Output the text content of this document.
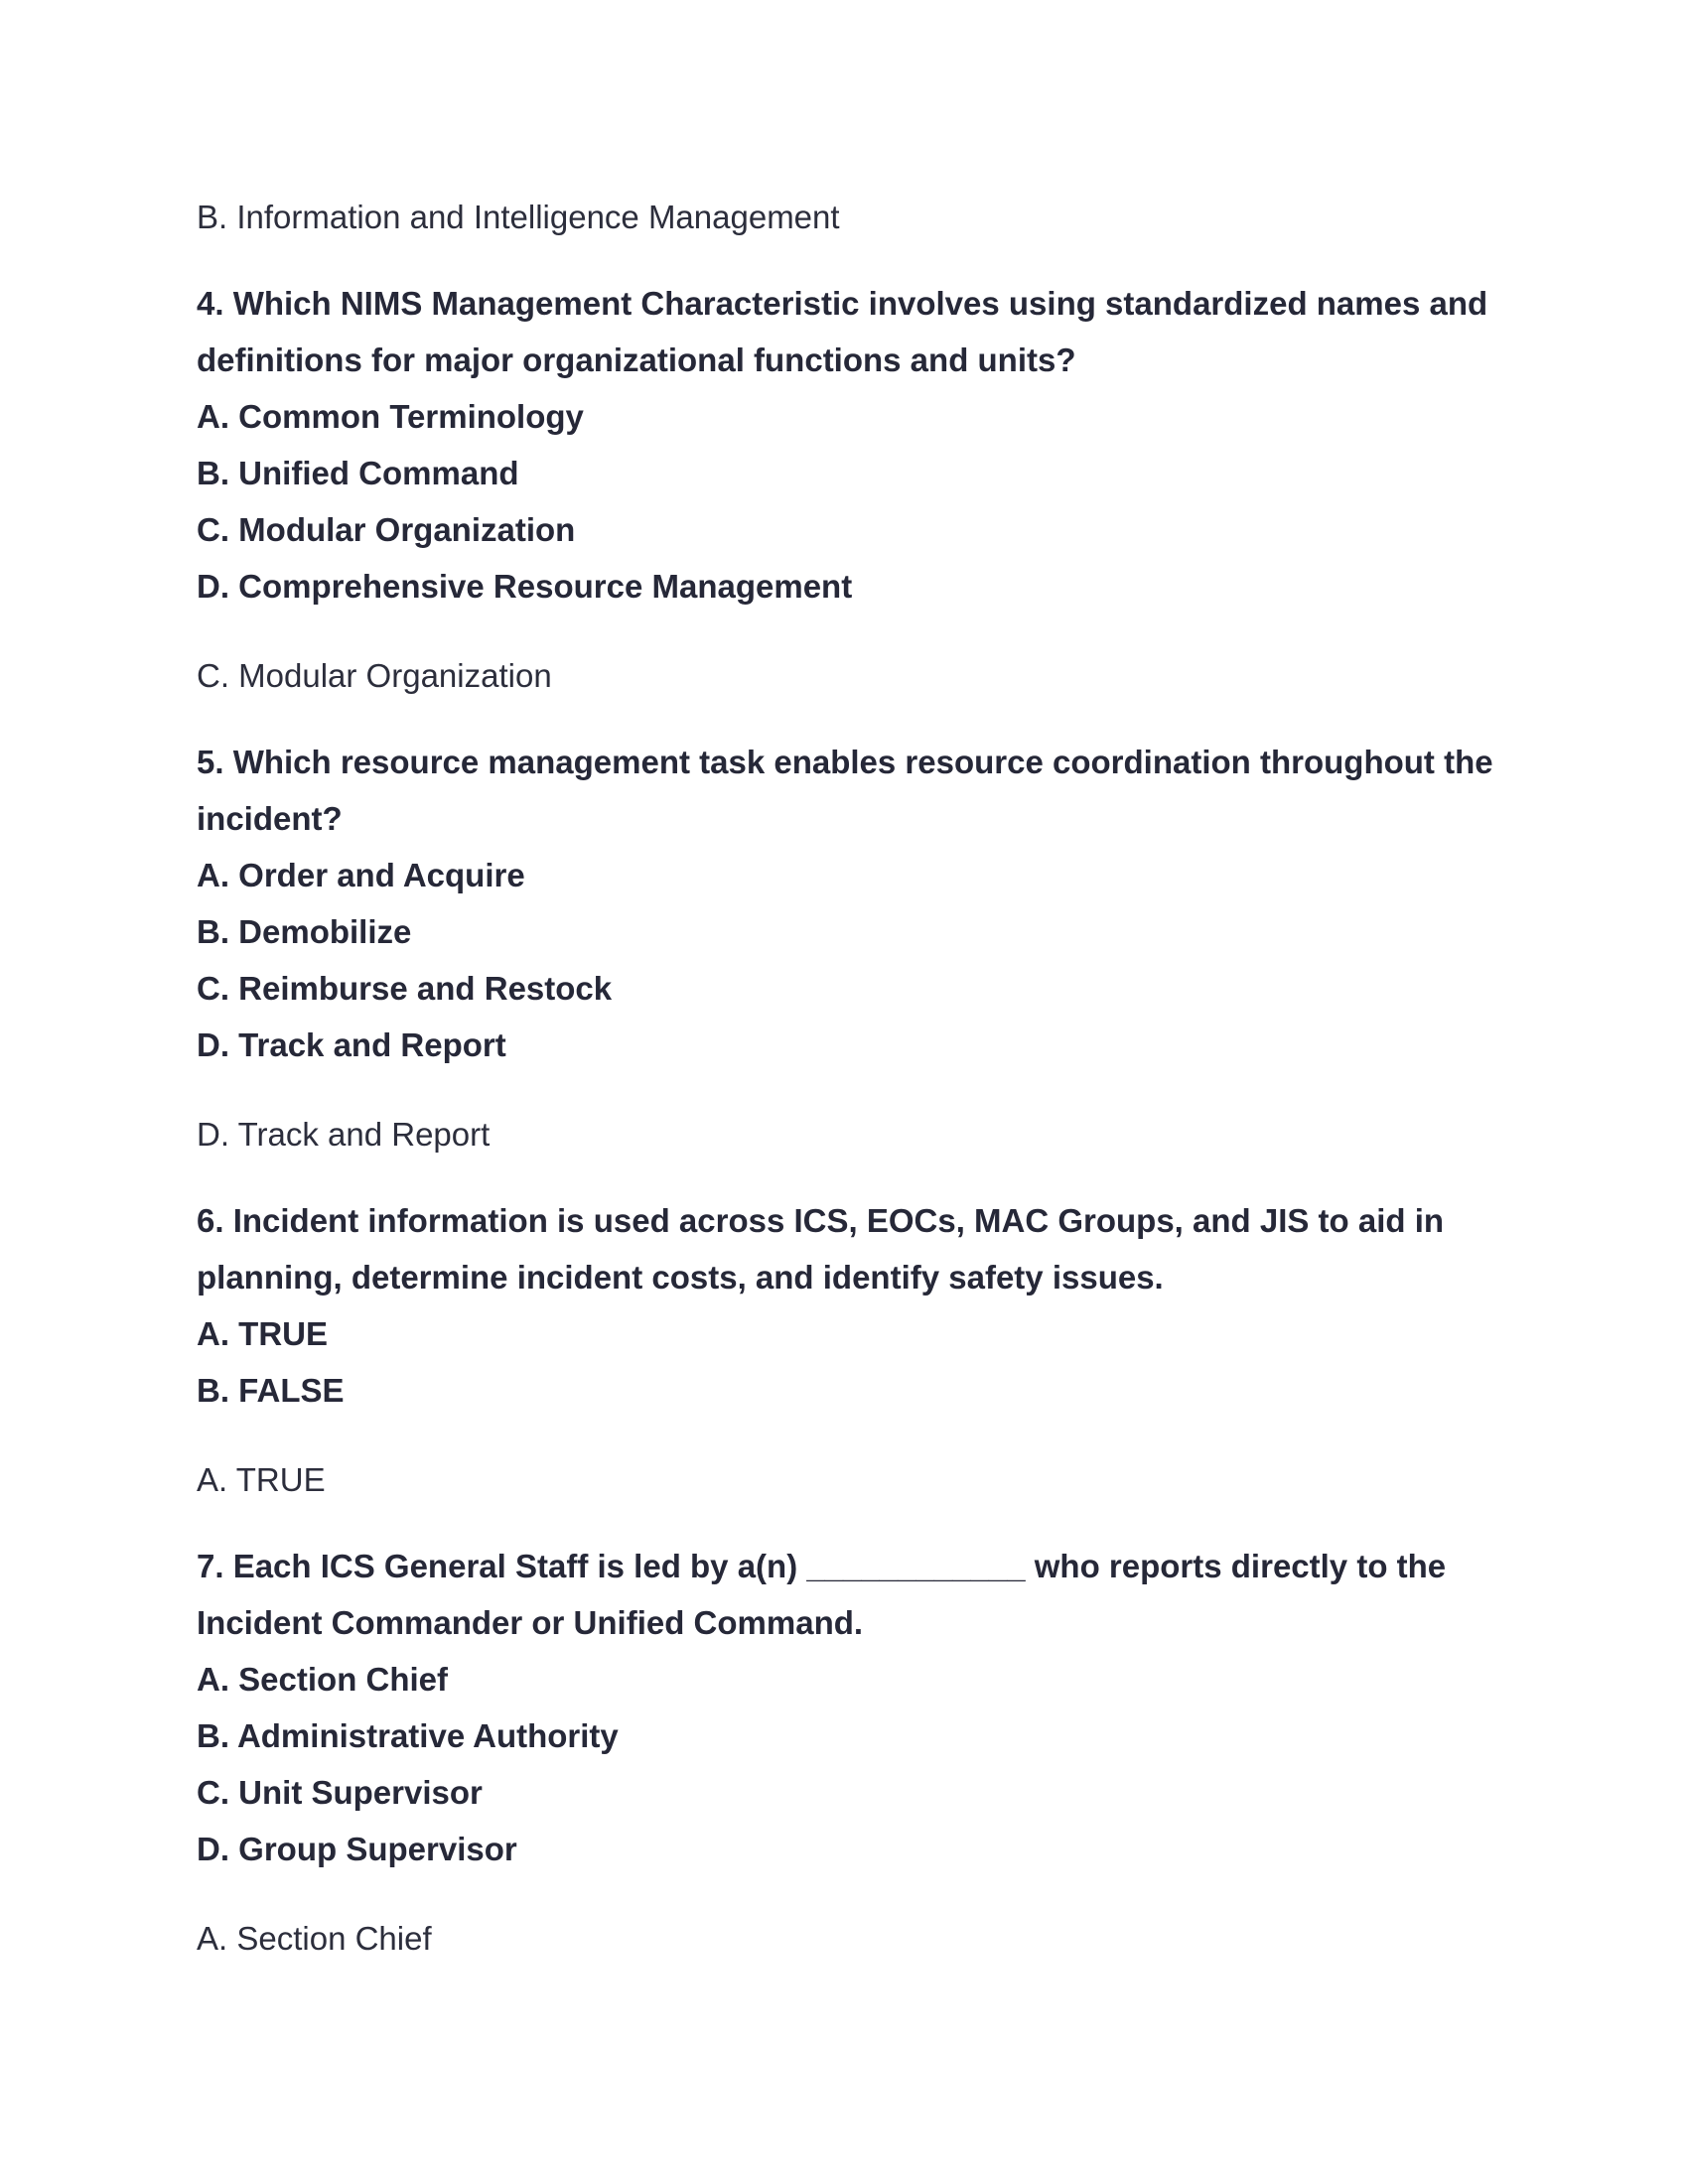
B. Information and Intelligence Management

4. Which NIMS Management Characteristic involves using standardized names and definitions for major organizational functions and units?

A. Common Terminology

B. Unified Command

C. Modular Organization

D. Comprehensive Resource Management

C. Modular Organization

5. Which resource management task enables resource coordination throughout the incident?

A. Order and Acquire

B. Demobilize

C. Reimburse and Restock

D. Track and Report

D. Track and Report

6. Incident information is used across ICS, EOCs, MAC Groups, and JIS to aid in planning, determine incident costs, and identify safety issues.

A. TRUE

B. FALSE

A. TRUE

7. Each ICS General Staff is led by a(n) ____________ who reports directly to the Incident Commander or Unified Command.

A. Section Chief

B. Administrative Authority

C. Unit Supervisor

D. Group Supervisor

A. Section Chief
